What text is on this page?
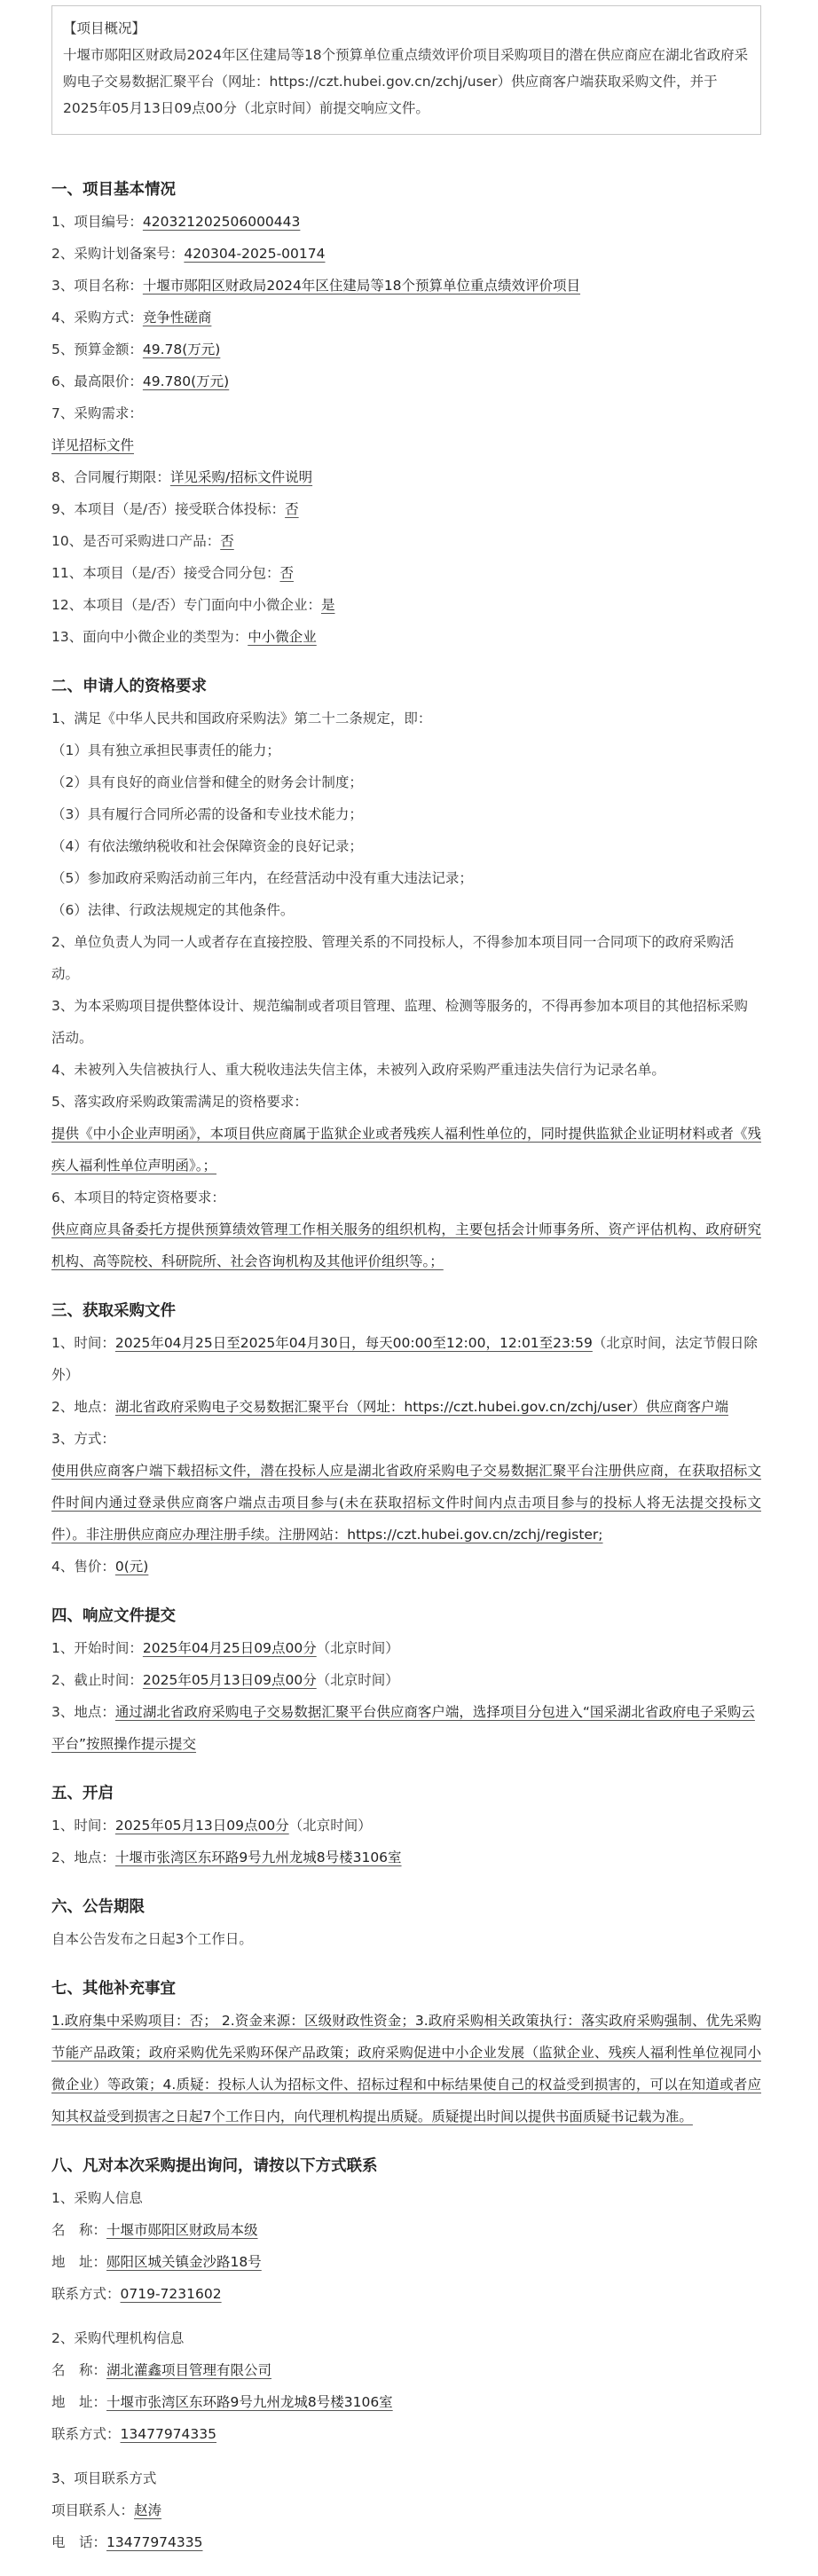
【项目概况】
十堰市郧阳区财政局2024年区住建局等18个预算单位重点绩效评价项目采购项目的潜在供应商应在湖北省政府采购电子交易数据汇聚平台（网址：https://czt.hubei.gov.cn/zchj/user）供应商客户端获取采购文件，并于2025年05月13日09点00分（北京时间）前提交响应文件。
一、项目基本情况
1、项目编号：420321202506000443
2、采购计划备案号：420304-2025-00174
3、项目名称：十堰市郧阳区财政局2024年区住建局等18个预算单位重点绩效评价项目
4、采购方式：竞争性磋商
5、预算金额：49.78(万元)
6、最高限价：49.780(万元)
7、采购需求：
详见招标文件
8、合同履行期限：详见采购/招标文件说明
9、本项目（是/否）接受联合体投标：否
10、是否可采购进口产品：否
11、本项目（是/否）接受合同分包：否
12、本项目（是/否）专门面向中小微企业：是
13、面向中小微企业的类型为：中小微企业
二、申请人的资格要求
1、满足《中华人民共和国政府采购法》第二十二条规定，即：
（1）具有独立承担民事责任的能力；
（2）具有良好的商业信誉和健全的财务会计制度；
（3）具有履行合同所必需的设备和专业技术能力；
（4）有依法缴纳税收和社会保障资金的良好记录；
（5）参加政府采购活动前三年内，在经营活动中没有重大违法记录；
（6）法律、行政法规规定的其他条件。
2、单位负责人为同一人或者存在直接控股、管理关系的不同投标人，不得参加本项目同一合同项下的政府采购活动。
3、为本采购项目提供整体设计、规范编制或者项目管理、监理、检测等服务的，不得再参加本项目的其他招标采购活动。
4、未被列入失信被执行人、重大税收违法失信主体，未被列入政府采购严重违法失信行为记录名单。
5、落实政府采购政策需满足的资格要求：
提供《中小企业声明函》，本项目供应商属于监狱企业或者残疾人福利性单位的，同时提供监狱企业证明材料或者《残疾人福利性单位声明函》。；
6、本项目的特定资格要求：
供应商应具备委托方提供预算绩效管理工作相关服务的组织机构，主要包括会计师事务所、资产评估机构、政府研究机构、高等院校、科研院所、社会咨询机构及其他评价组织等。；
三、获取采购文件
1、时间：2025年04月25日至2025年04月30日，每天00:00至12:00，12:01至23:59（北京时间，法定节假日除外）
2、地点：湖北省政府采购电子交易数据汇聚平台（网址：https://czt.hubei.gov.cn/zchj/user）供应商客户端
3、方式：
使用供应商客户端下载招标文件，潜在投标人应是湖北省政府采购电子交易数据汇聚平台注册供应商，在获取招标文件时间内通过登录供应商客户端点击项目参与(未在获取招标文件时间内点击项目参与的投标人将无法提交投标文件）。非注册供应商应办理注册手续。注册网站：https://czt.hubei.gov.cn/zchj/register;
4、售价：0(元)
四、响应文件提交
1、开始时间：2025年04月25日09点00分（北京时间）
2、截止时间：2025年05月13日09点00分（北京时间）
3、地点：通过湖北省政府采购电子交易数据汇聚平台供应商客户端，选择项目分包进入“国采湖北省政府电子采购云平台”按照操作提示提交
五、开启
1、时间：2025年05月13日09点00分（北京时间）
2、地点：十堰市张湾区东环路9号九州龙城8号楼3106室
六、公告期限
自本公告发布之日起3个工作日。
七、其他补充事宜
1.政府集中采购项目：否； 2.资金来源：区级财政性资金；3.政府采购相关政策执行：落实政府采购强制、优先采购节能产品政策；政府采购优先采购环保产品政策；政府采购促进中小企业发展（监狱企业、残疾人福利性单位视同小微企业）等政策；4.质疑：投标人认为招标文件、招标过程和中标结果使自己的权益受到损害的，可以在知道或者应知其权益受到损害之日起7个工作日内，向代理机构提出质疑。质疑提出时间以提供书面质疑书记载为准。
八、凡对本次采购提出询问，请按以下方式联系
1、采购人信息
名　称：十堰市郧阳区财政局本级
地　址：郧阳区城关镇金沙路18号
联系方式：0719-7231602
2、采购代理机构信息
名　称：湖北灌鑫项目管理有限公司
地　址：十堰市张湾区东环路9号九州龙城8号楼3106室
联系方式：13477974335
3、项目联系方式
项目联系人：赵涛
电　话：13477974335
